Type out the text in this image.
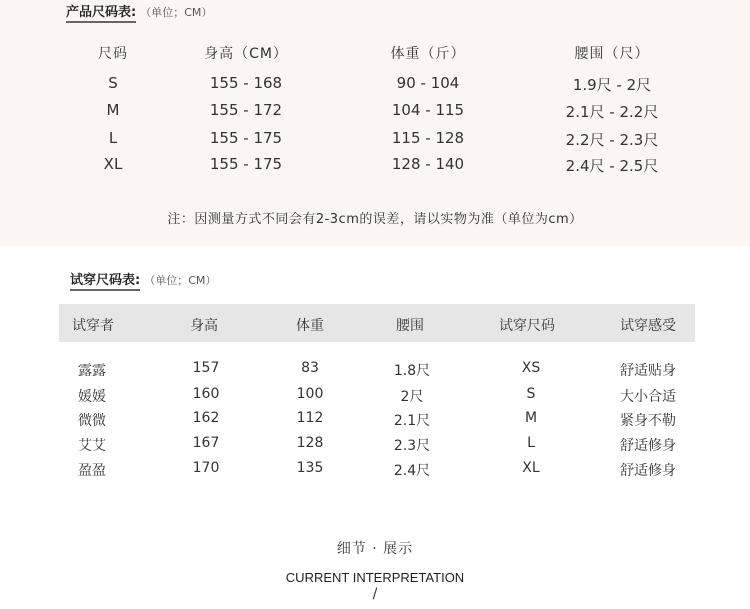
产品尺码表: （单位；CM）
尺码	身高（CM）	体重（斤）	腰围（尺）
S	155 - 168	90 - 104	1.9尺 - 2尺
M	155 - 172	104 - 115	2.1尺 - 2.2尺
L	155 - 175	115 - 128	2.2尺 - 2.3尺
XL	155 - 175	128 - 140	2.4尺 - 2.5尺
注：因测量方式不同会有2-3cm的误差，请以实物为准（单位为cm）
试穿尺码表: （单位；CM）
试穿者	身高	体重	腰围	试穿尺码	试穿感受
露露	157	83	1.8尺	XS	舒适贴身
媛媛	160	100	2尺	S	大小合适
微微	162	112	2.1尺	M	紧身不勒
艾艾	167	128	2.3尺	L	舒适修身
盈盈	170	135	2.4尺	XL	舒适修身
细节 · 展示
CURRENT INTERPRETATION
/
